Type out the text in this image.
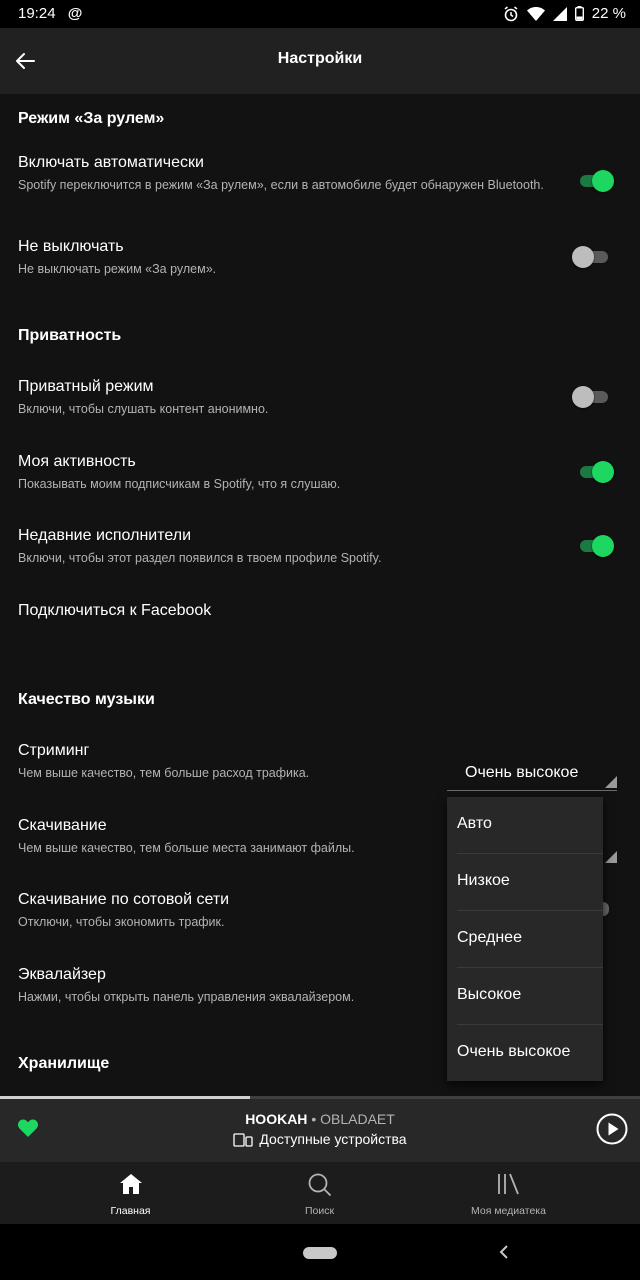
19:24 @	22 %
Настройки
Режим «За рулем»
Включать автоматически
Spotify переключится в режим «За рулем», если в автомобиле будет обнаружен Bluetooth.
Не выключать
Не выключать режим «За рулем».
Приватность
Приватный режим
Включи, чтобы слушать контент анонимно.
Моя активность
Показывать моим подписчикам в Spotify, что я слушаю.
Недавние исполнители
Включи, чтобы этот раздел появился в твоем профиле Spotify.
Подключиться к Facebook
Качество музыки
Стриминг
Чем выше качество, тем больше расход трафика.	Очень высокое
Скачивание
Чем выше качество, тем больше места занимают файлы.
Скачивание по сотовой сети
Отключи, чтобы экономить трафик.
Эквалайзер
Нажми, чтобы открыть панель управления эквалайзером.
Хранилище
Авто
Низкое
Среднее
Высокое
Очень высокое
HOOKAH • OBLADAET
Доступные устройства
Главная	Поиск	Моя медиатека
